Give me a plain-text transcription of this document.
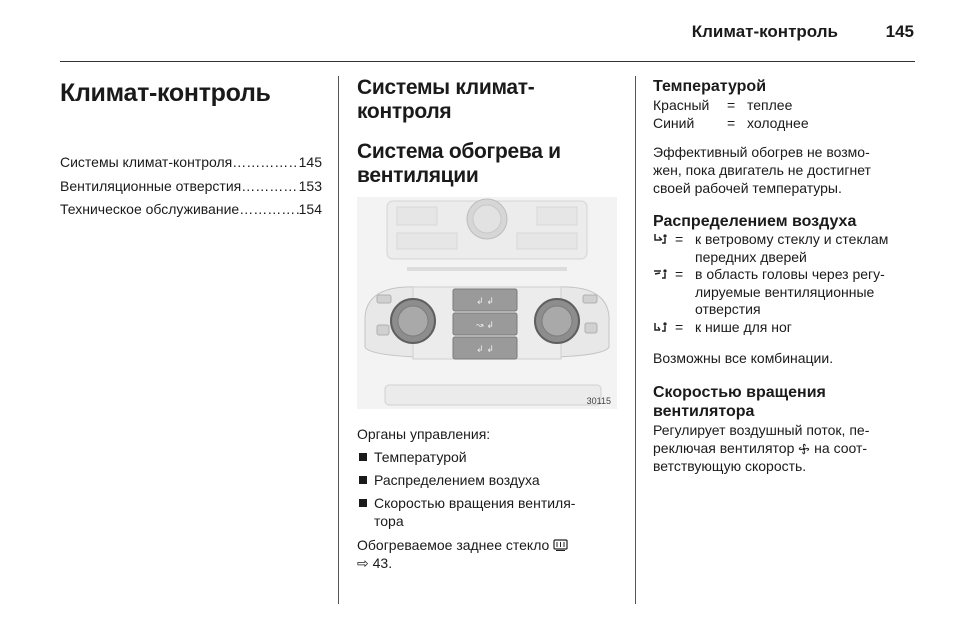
Климат-контроль	145
Климат-контроль
Системы климат-контроля …………………………………	145
Вентиляционные отверстия …………………………………	153
Техническое обслуживание …………………………………	154
Системы климат-
контроля
Система обогрева и
вентиляции
↲ ↲
↝ ↲
↲ ↲
30115

Органы управления:

Температурой
Распределением воздуха
Скоростью вращения вентиля-
тора

Обогреваемое заднее стекло
⇨ 43.

Температурой
Красный	= теплее
Синий	= холоднее

Эффективный обогрев не возмо-
жен, пока двигатель не достигнет
своей рабочей температуры.

Распределением воздуха
= к ветровому стеклу и стеклам
передних дверей
= в область головы через регу-
лируемые вентиляционные
отверстия
= к нише для ног

Возможны все комбинации.

Скоростью вращения
вентилятора

Регулирует воздушный поток, пе-
реключая вентилятор на соот-
ветствующую скорость.
